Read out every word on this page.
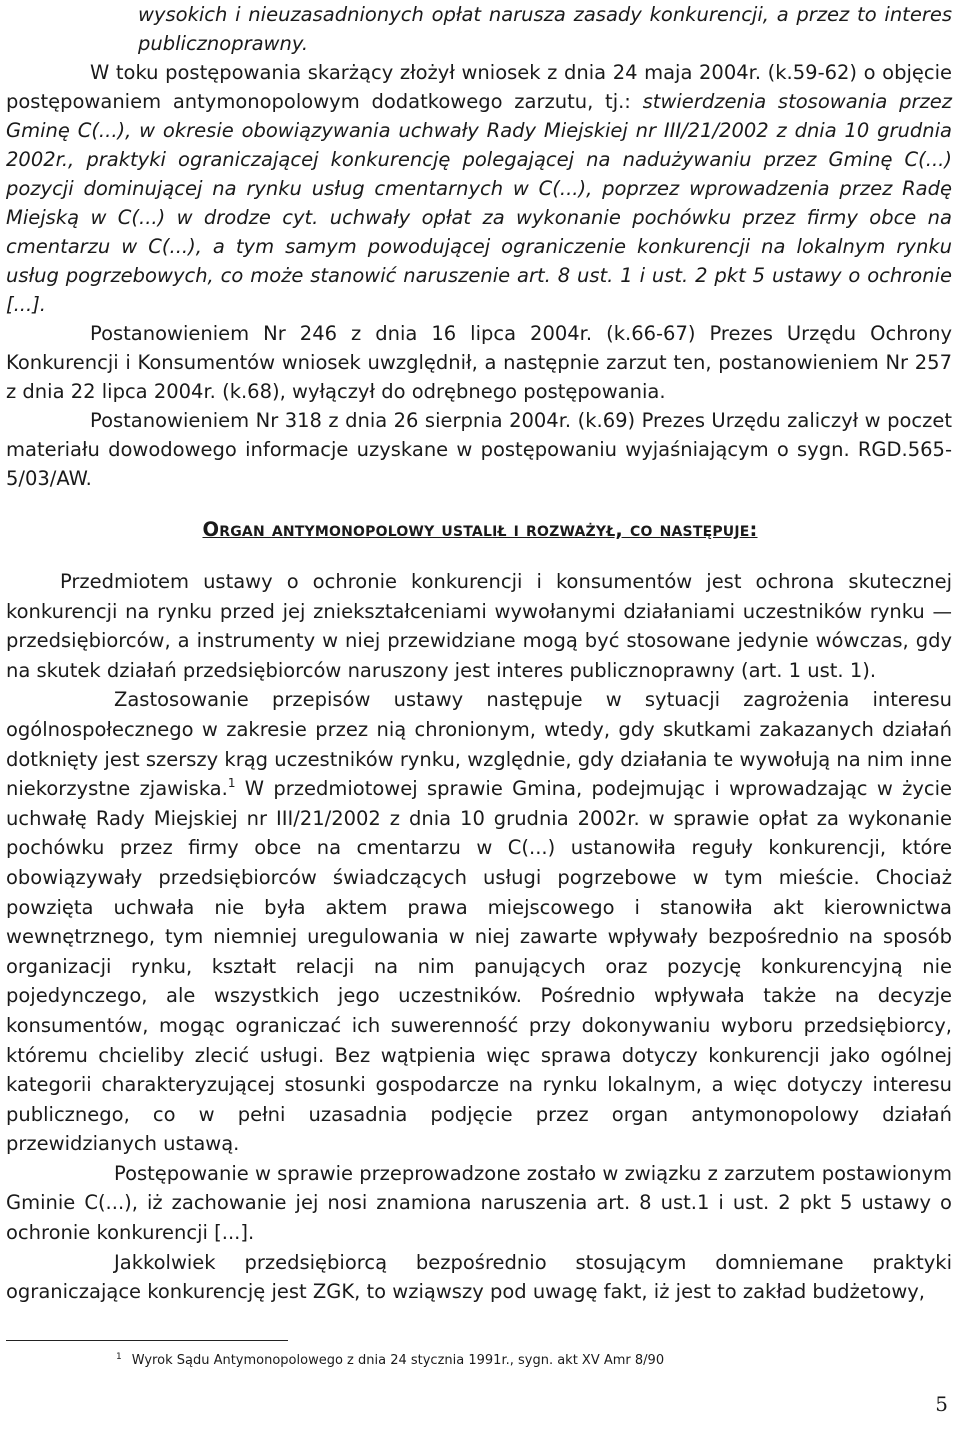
wysokich i nieuzasadnionych opłat narusza zasady konkurencji, a przez to interes publicznoprawny.

W toku postępowania skarżący złożył wniosek z dnia 24 maja 2004r. (k.59-62) o objęcie postępowaniem antymonopolowym dodatkowego zarzutu, tj.: stwierdzenia stosowania przez Gminę C(...), w okresie obowiązywania uchwały Rady Miejskiej nr III/21/2002 z dnia 10 grudnia 2002r., praktyki ograniczającej konkurencję polegającej na nadużywaniu przez Gminę C(...) pozycji dominującej na rynku usług cmentarnych w C(...), poprzez wprowadzenia przez Radę Miejską w C(...) w drodze cyt. uchwały opłat za wykonanie pochówku przez firmy obce na cmentarzu w C(...), a tym samym powodującej ograniczenie konkurencji na lokalnym rynku usług pogrzebowych, co może stanowić naruszenie art. 8 ust. 1 i ust. 2 pkt 5 ustawy o ochronie [...].

Postanowieniem Nr 246 z dnia 16 lipca 2004r. (k.66-67) Prezes Urzędu Ochrony Konkurencji i Konsumentów wniosek uwzględnił, a następnie zarzut ten, postanowieniem Nr 257 z dnia 22 lipca 2004r. (k.68), wyłączył do odrębnego postępowania.

Postanowieniem Nr 318 z dnia 26 sierpnia 2004r. (k.69) Prezes Urzędu zaliczył w poczet materiału dowodowego informacje uzyskane w postępowaniu wyjaśniającym o sygn. RGD.565-5/03/AW.

Organ antymonopolowy ustalił i rozważył, co następuje:

Przedmiotem ustawy o ochronie konkurencji i konsumentów jest ochrona skutecznej konkurencji na rynku przed jej zniekształceniami wywołanymi działaniami uczestników rynku — przedsiębiorców, a instrumenty w niej przewidziane mogą być stosowane jedynie wówczas, gdy na skutek działań przedsiębiorców naruszony jest interes publicznoprawny (art. 1 ust. 1).

Zastosowanie przepisów ustawy następuje w sytuacji zagrożenia interesu ogólnospołecznego w zakresie przez nią chronionym, wtedy, gdy skutkami zakazanych działań dotknięty jest szerszy krąg uczestników rynku, względnie, gdy działania te wywołują na nim inne niekorzystne zjawiska.$^1$ W przedmiotowej sprawie Gmina, podejmując i wprowadzając w życie uchwałę Rady Miejskiej nr III/21/2002 z dnia 10 grudnia 2002r. w sprawie opłat za wykonanie pochówku przez firmy obce na cmentarzu w C(...) ustanowiła reguły konkurencji, które obowiązywały przedsiębiorców świadczących usługi pogrzebowe w tym mieście. Chociaż powzięta uchwała nie była aktem prawa miejscowego i stanowiła akt kierownictwa wewnętrznego, tym niemniej uregulowania w niej zawarte wpływały bezpośrednio na sposób organizacji rynku, kształt relacji na nim panujących oraz pozycję konkurencyjną nie pojedynczego, ale wszystkich jego uczestników. Pośrednio wpływała także na decyzje konsumentów, mogąc ograniczać ich suwerenność przy dokonywaniu wyboru przedsiębiorcy, któremu chcieliby zlecić usługi. Bez wątpienia więc sprawa dotyczy konkurencji jako ogólnej kategorii charakteryzującej stosunki gospodarcze na rynku lokalnym, a więc dotyczy interesu publicznego, co w pełni uzasadnia podjęcie przez organ antymonopolowy działań przewidzianych ustawą.

Postępowanie w sprawie przeprowadzone zostało w związku z zarzutem postawionym Gminie C(...), iż zachowanie jej nosi znamiona naruszenia art. 8 ust.1 i ust. 2 pkt 5 ustawy o ochronie konkurencji [...].

Jakkolwiek przedsiębiorcą bezpośrednio stosującym domniemane praktyki ograniczające konkurencję jest ZGK, to wziąwszy pod uwagę fakt, iż jest to zakład budżetowy,

$^1$ Wyrok Sądu Antymonopolowego z dnia 24 stycznia 1991r., sygn. akt XV Amr 8/90
5
